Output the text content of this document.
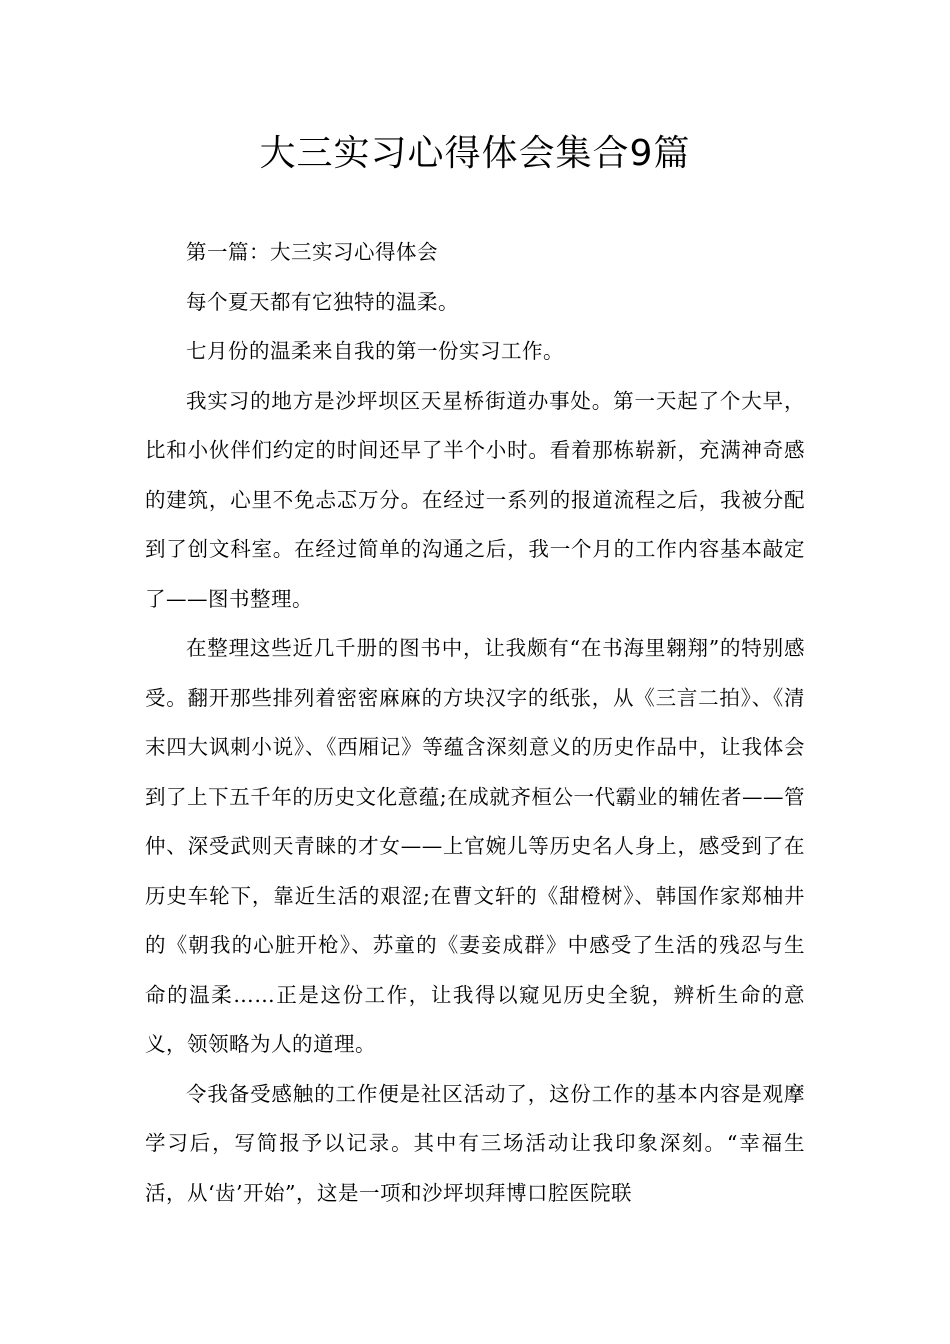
大三实习心得体会集合9篇

第一篇：大三实习心得体会

每个夏天都有它独特的温柔。

七月份的温柔来自我的第一份实习工作。

我实习的地方是沙坪坝区天星桥街道办事处。第一天起了个大早，比和小伙伴们约定的时间还早了半个小时。看着那栋崭新，充满神奇感的建筑，心里不免忐忑万分。在经过一系列的报道流程之后，我被分配到了创文科室。在经过简单的沟通之后，我一个月的工作内容基本敲定了——图书整理。

在整理这些近几千册的图书中，让我颇有“在书海里翱翔”的特别感受。翻开那些排列着密密麻麻的方块汉字的纸张，从《三言二拍》、《清末四大讽刺小说》、《西厢记》等蕴含深刻意义的历史作品中，让我体会到了上下五千年的历史文化意蕴;在成就齐桓公一代霸业的辅佐者——管仲、深受武则天青睐的才女——上官婉儿等历史名人身上，感受到了在历史车轮下，靠近生活的艰涩;在曹文轩的《甜橙树》、韩国作家郑柚井的《朝我的心脏开枪》、苏童的《妻妾成群》中感受了生活的残忍与生命的温柔……正是这份工作，让我得以窥见历史全貌，辨析生命的意义，领领略为人的道理。

令我备受感触的工作便是社区活动了，这份工作的基本内容是观摩学习后，写简报予以记录。其中有三场活动让我印象深刻。“幸福生活，从‘齿’开始”，这是一项和沙坪坝拜博口腔医院联
